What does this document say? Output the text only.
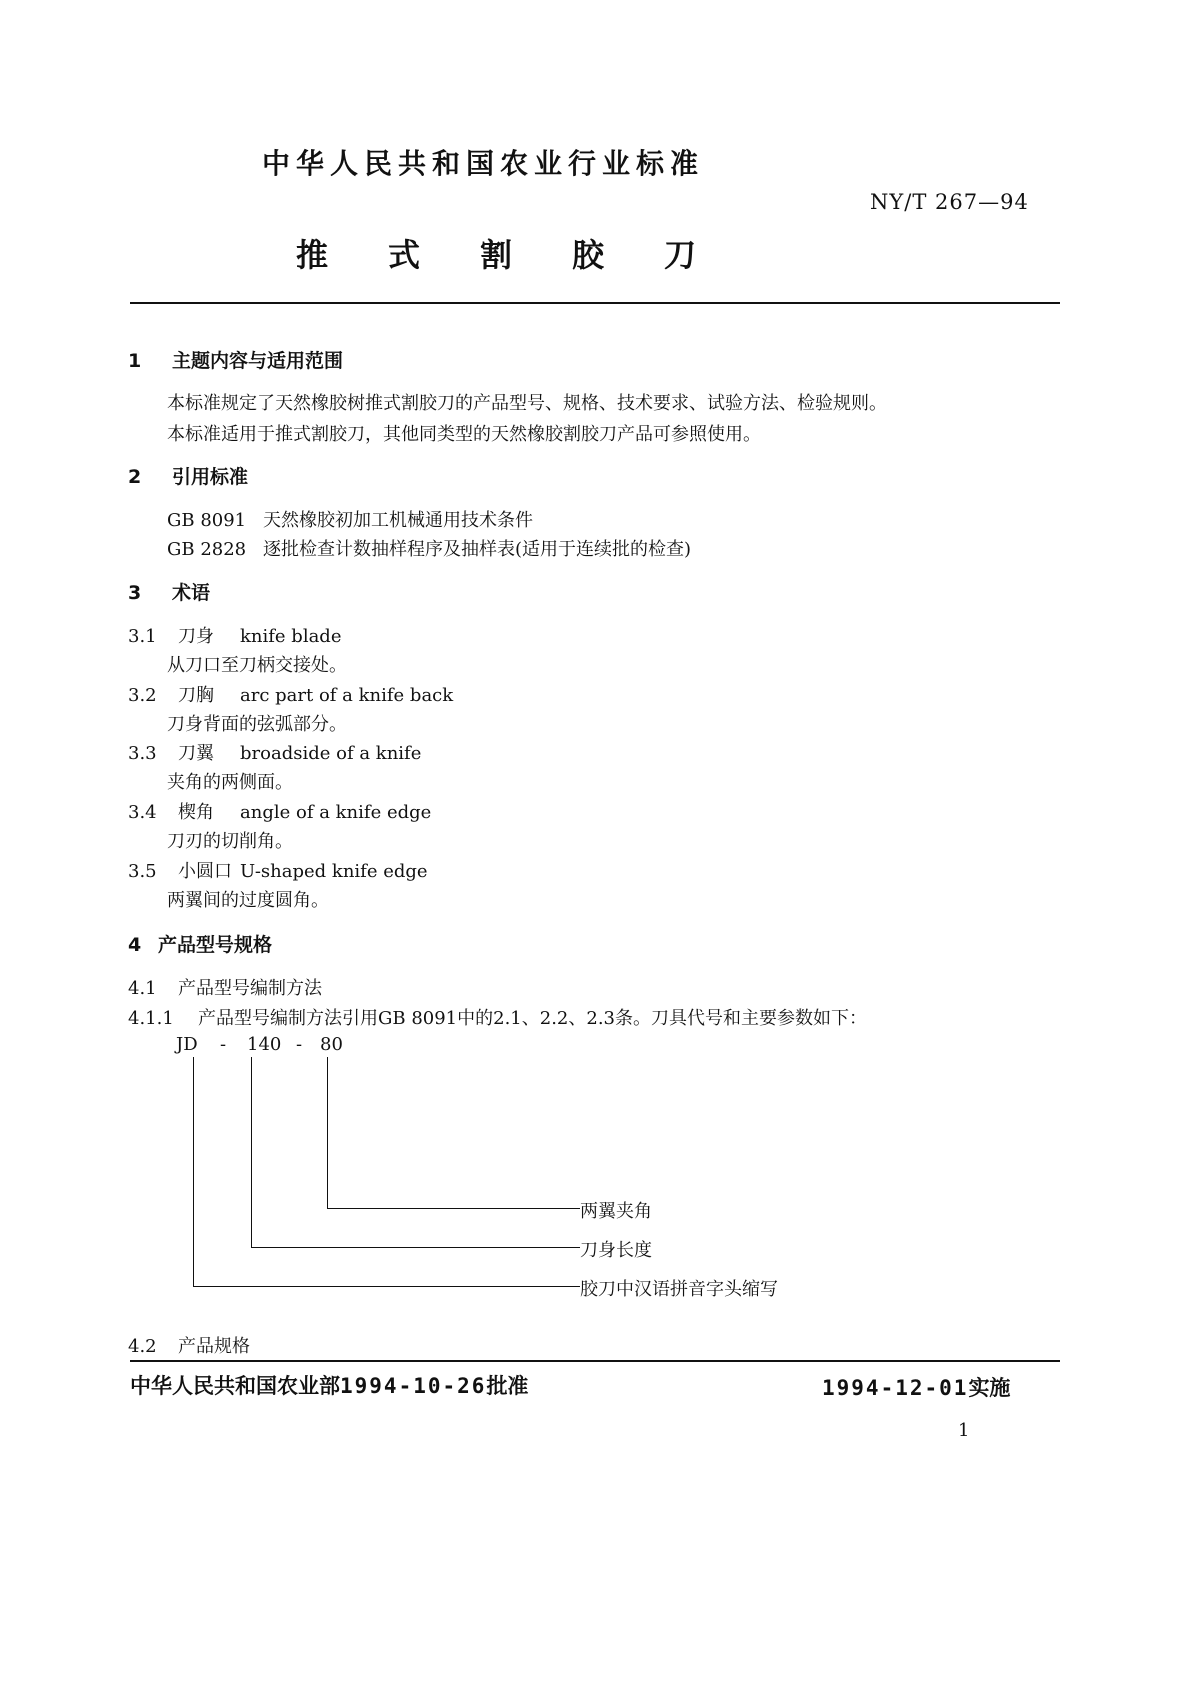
中华人民共和国农业行业标准
NY/T 267—94
推式割胶刀
1 主题内容与适用范围
本标准规定了天然橡胶树推式割胶刀的产品型号、规格、技术要求、试验方法、检验规则。
本标准适用于推式割胶刀，其他同类型的天然橡胶割胶刀产品可参照使用。
2 引用标准
GB 8091 天然橡胶初加工机械通用技术条件
GB 2828 逐批检查计数抽样程序及抽样表(适用于连续批的检查)
3 术语
3.1 刀身 knife blade
从刀口至刀柄交接处。
3.2 刀胸 arc part of a knife back
刀身背面的弦弧部分。
3.3 刀翼 broadside of a knife
夹角的两侧面。
3.4 楔角 angle of a knife edge
刀刃的切削角。
3.5 小圆口 U-shaped knife edge
两翼间的过度圆角。
4 产品型号规格
4.1 产品型号编制方法
4.1.1 产品型号编制方法引用GB 8091中的2.1、2.2、2.3条。刀具代号和主要参数如下：
JD - 140 - 80
两翼夹角
刀身长度
胶刀中汉语拼音字头缩写
4.2 产品规格
中华人民共和国农业部1994-10-26批准	1994-12-01实施
1
